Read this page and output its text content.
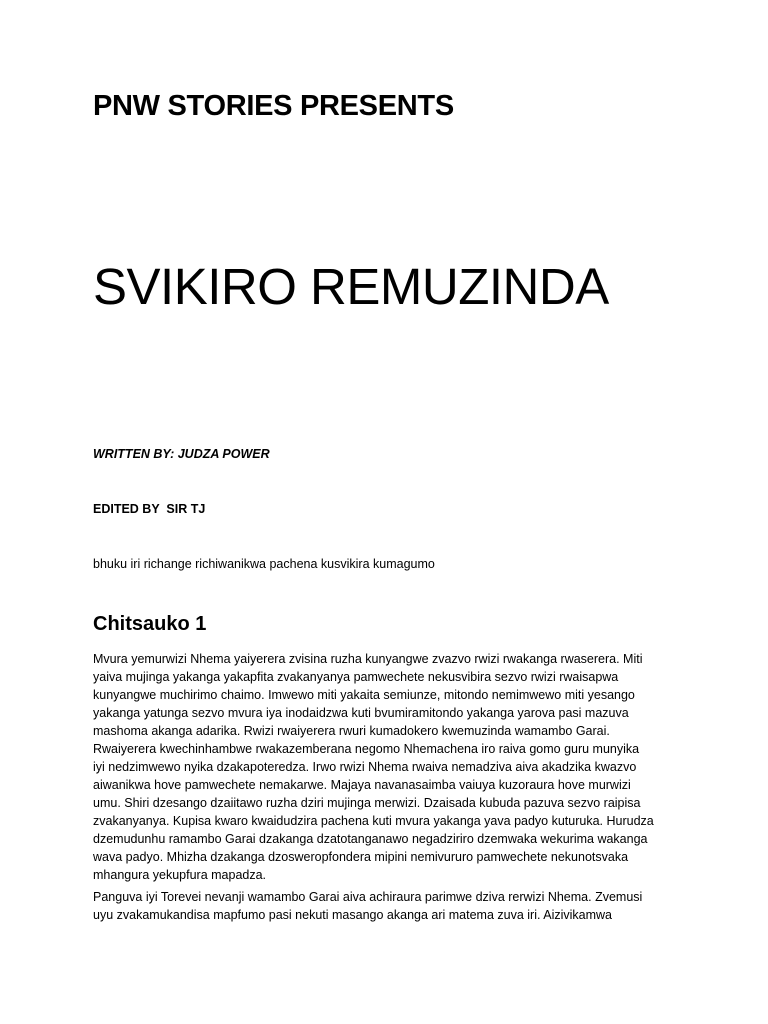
PNW STORIES PRESENTS
SVIKIRO REMUZINDA

WRITTEN BY: JUDZA POWER

EDITED BY  SIR TJ

bhuku iri richange richiwanikwa pachena kusvikira kumagumo

Chitsauko 1

Mvura yemurwizi Nhema yaiyerera zvisina ruzha kunyangwe zvazvo rwizi rwakanga rwaserera. Miti
yaiva mujinga yakanga yakapfita zvakanyanya pamwechete nekusvibira sezvo rwizi rwaisapwa
kunyangwe muchirimo chaimo. Imwewo miti yakaita semiunze, mitondo nemimwewo miti yesango
yakanga yatunga sezvo mvura iya inodaidzwa kuti bvumiramitondo yakanga yarova pasi mazuva
mashoma akanga adarika. Rwizi rwaiyerera rwuri kumadokero kwemuzinda wamambo Garai.
Rwaiyerera kwechinhambwe rwakazemberana negomo Nhemachena iro raiva gomo guru munyika
iyi nedzimwewo nyika dzakapoteredza. Irwo rwizi Nhema rwaiva nemadziva aiva akadzika kwazvo
aiwanikwa hove pamwechete nemakarwe. Majaya navanasaimba vaiuya kuzoraura hove murwizi
umu. Shiri dzesango dzaiitawo ruzha dziri mujinga merwizi. Dzaisada kubuda pazuva sezvo raipisa
zvakanyanya. Kupisa kwaro kwaidudzira pachena kuti mvura yakanga yava padyo kuturuka. Hurudza
dzemudunhu ramambo Garai dzakanga dzatotanganawo negadziriro dzemwaka wekurima wakanga
wava padyo. Mhizha dzakanga dzosweropfondera mipini nemivururo pamwechete nekunotsvaka
mhangura yekupfura mapadza.

Panguva iyi Torevei nevanji wamambo Garai aiva achiraura parimwe dziva rerwizi Nhema. Zvemusi
uyu zvakamukandisa mapfumo pasi nekuti masango akanga ari matema zuva iri. Aizivikamwa
